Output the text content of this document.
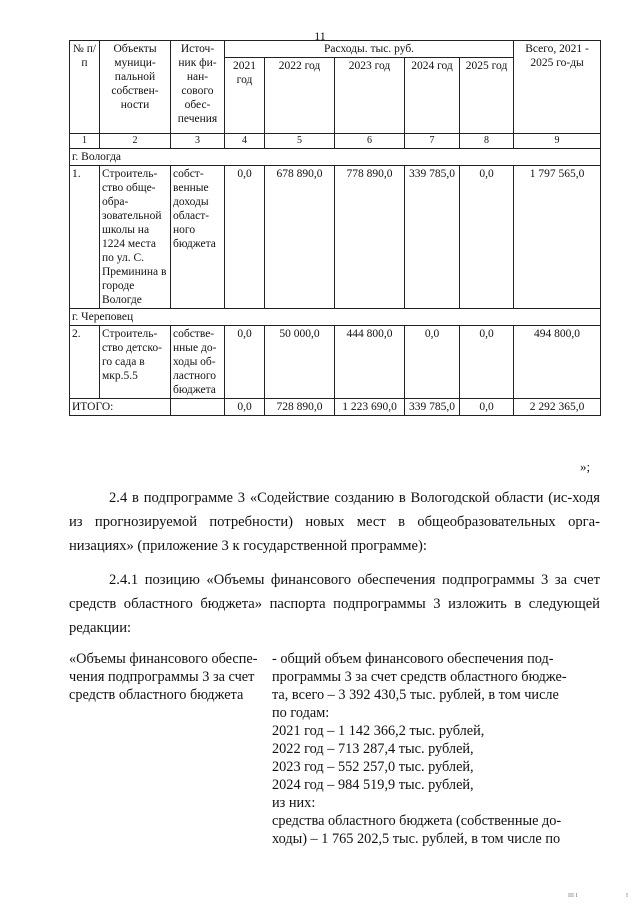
11
№ п/п	Объекты муници-пальной собствен-ности	Источ-ник фи-нан-сового обес-печения	Расходы. тыс. руб.					Всего, 2021 - 2025 го-ды
			2021 год	2022 год	2023 год	2024 год	2025 год	
1	2	3	4	5	6	7	8	9
г. Вологда								
1.	Строитель-ство обще-обра-зовательной школы на 1224 места по ул. С. Преминина в городе Вологде	собст-венные доходы област-ного бюджета	0,0	678 890,0	778 890,0	339 785,0	0,0	1 797 565,0
г. Череповец								
2.	Строитель-ство детско-го сада в мкр.5.5	собстве-нные до-ходы об-ластного бюджета	0,0	50 000,0	444 800,0	0,0	0,0	494 800,0
ИТОГО:			0,0	728 890,0	1 223 690,0	339 785,0	0,0	2 292 365,0
»;

2.4 в подпрограмме 3 «Содействие созданию в Вологодской области (ис-ходя из прогнозируемой потребности) новых мест в общеобразовательных орга-низациях» (приложение 3 к государственной программе):

2.4.1 позицию «Объемы финансового обеспечения подпрограммы 3 за счет средств областного бюджета» паспорта подпрограммы 3 изложить в следующей редакции:

«Объемы финансового обеспе-чения подпрограммы 3 за счет средств областного бюджета
- общий объем финансового обеспечения под-
программы 3 за счет средств областного бюдже-
та, всего – 3 392 430,5 тыс. рублей, в том числе
по годам:
2021 год – 1 142 366,2 тыс. рублей,
2022 год – 713 287,4 тыс. рублей,
2023 год – 552 257,0 тыс. рублей,
2024 год – 984 519,9 тыс. рублей,
из них:
средства областного бюджета (собственные до-
ходы) – 1 765 202,5 тыс. рублей, в том числе по
ІІІ І	І
